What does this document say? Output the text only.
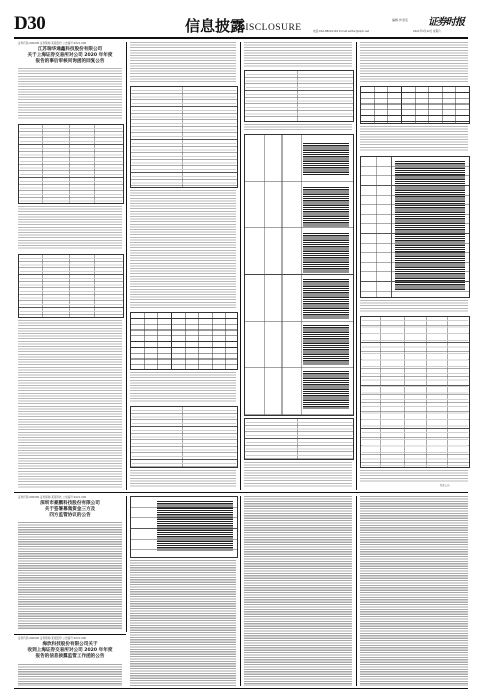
D30	信息披露
DISCLOSURE
编辑 作者名
电话:010-88201116 E-mail:editor@zqrb.net
证券时报
2021年5月22日 星期六
证券代码:000000 证券简称:某某股份 公告编号:2021-000
江苏瑞华通鑫科技股份有限公司
关于上海证券交易所对公司 2020 年年度
报告的事后审核问询函的回复公告
特此公告。
证券代码:000000 证券简称:某某科技 公告编号:2021-000
深圳市豪鹏科技股份有限公司
关于签署募集资金三方及
四方监管协议的公告
证券代码:000000 证券简称:某某股份 公告编号:2021-000
海欣科技股份有限公司关于
收到上海证券交易所对公司 2020 年年度
报告的信息披露监管工作函的公告
